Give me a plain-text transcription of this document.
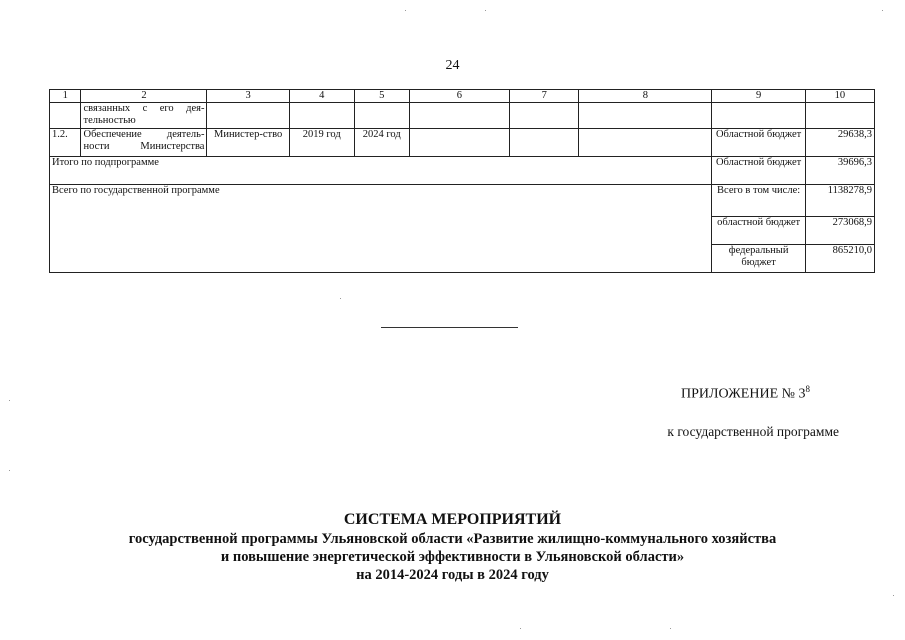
24
1	2	3	4	5	6	7	8	9	10
	связанных с его дея-тельностью								
1.2.	Обеспечение деятель-ности Министерства	Министер-ство	2019 год	2024 год				Областной бюджет	29638,3
Итого по подпрограмме								Областной бюджет	39696,3
Всего по государственной программе								Всего в том числе:	1138278,9
								областной бюджет	273068,9
								федеральный бюджет	865210,0
ПРИЛОЖЕНИЕ № $3^8$
к государственной программе
СИСТЕМА МЕРОПРИЯТИЙ
государственной программы Ульяновской области «Развитие жилищно-коммунального хозяйства
и повышение энергетической эффективности в Ульяновской области»
на 2014-2024 годы в 2024 году
